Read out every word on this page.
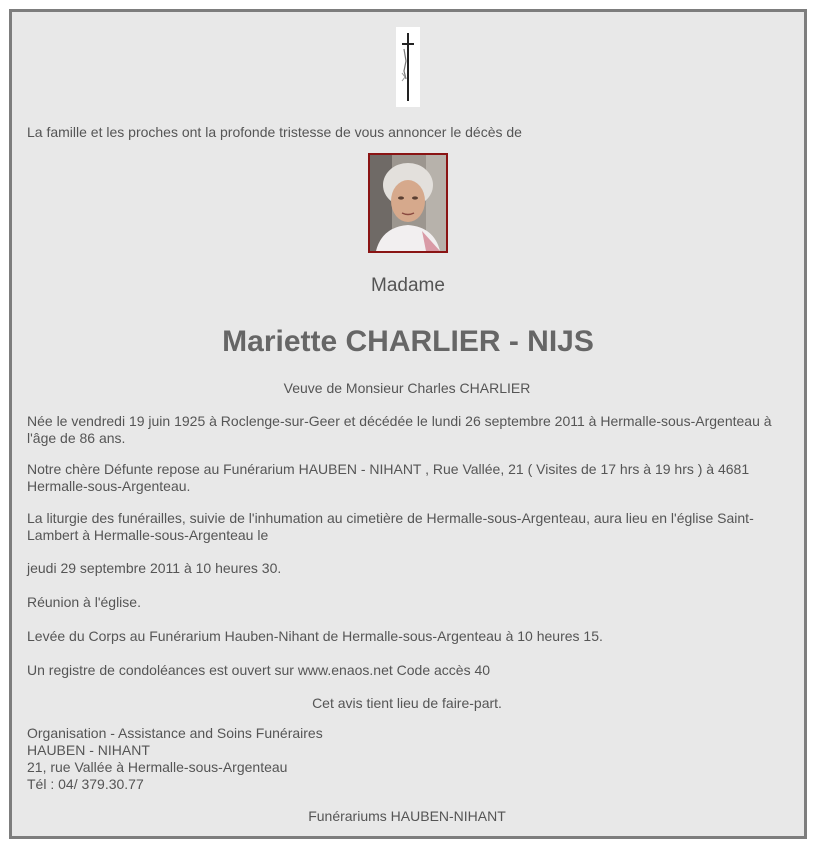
La famille et les proches ont la profonde tristesse de vous annoncer le décès de
Madame
Mariette CHARLIER - NIJS
Veuve de Monsieur Charles CHARLIER
Née le vendredi 19 juin 1925 à Roclenge-sur-Geer et décédée le lundi 26 septembre 2011 à Hermalle-sous-Argenteau à l'âge de 86 ans.
Notre chère Défunte repose au Funérarium HAUBEN - NIHANT , Rue Vallée, 21 ( Visites de 17 hrs à 19 hrs ) à 4681 Hermalle-sous-Argenteau.
La liturgie des funérailles, suivie de l'inhumation au cimetière de Hermalle-sous-Argenteau, aura lieu en l'église Saint-Lambert à Hermalle-sous-Argenteau le
jeudi 29 septembre 2011 à 10 heures 30.
Réunion à l'église.
Levée du Corps au Funérarium Hauben-Nihant de Hermalle-sous-Argenteau à 10 heures 15.
Un registre de condoléances est ouvert sur www.enaos.net Code accès 40
Cet avis tient lieu de faire-part.
Organisation - Assistance and Soins Funéraires
HAUBEN - NIHANT
21, rue Vallée à Hermalle-sous-Argenteau
Tél : 04/ 379.30.77
Funérariums HAUBEN-NIHANT
